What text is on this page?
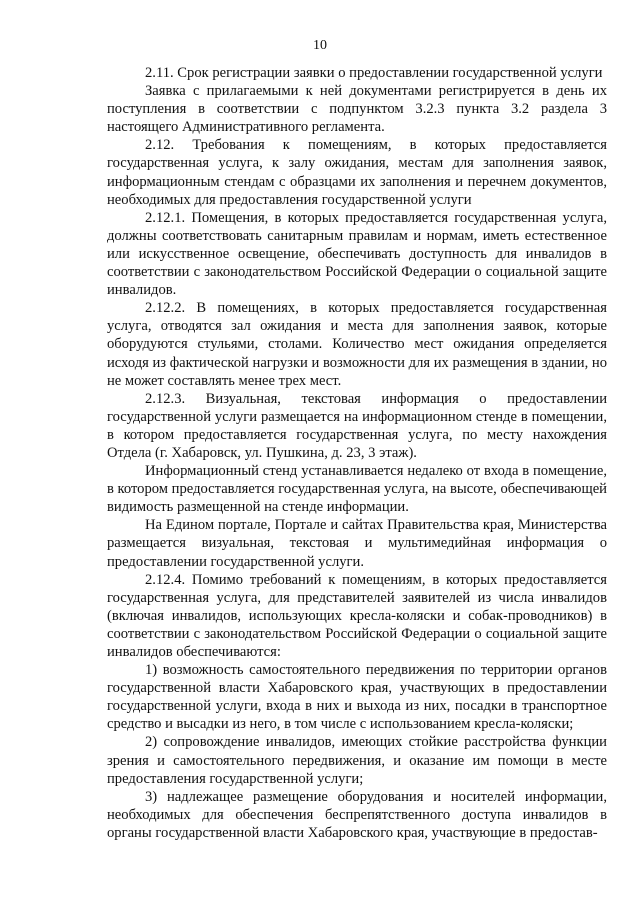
10

2.11. Срок регистрации заявки о предоставлении государственной услуги

Заявка с прилагаемыми к ней документами регистрируется в день их поступления в соответствии с подпунктом 3.2.3 пункта 3.2 раздела 3 настоящего Административного регламента.

2.12. Требования к помещениям, в которых предоставляется государственная услуга, к залу ожидания, местам для заполнения заявок, информационным стендам с образцами их заполнения и перечнем документов, необходимых для предоставления государственной услуги

2.12.1. Помещения, в которых предоставляется государственная услуга, должны соответствовать санитарным правилам и нормам, иметь естественное или искусственное освещение, обеспечивать доступность для инвалидов в соответствии с законодательством Российской Федерации о социальной защите инвалидов.

2.12.2. В помещениях, в которых предоставляется государственная услуга, отводятся зал ожидания и места для заполнения заявок, которые оборудуются стульями, столами. Количество мест ожидания определяется исходя из фактической нагрузки и возможности для их размещения в здании, но не может составлять менее трех мест.

2.12.3. Визуальная, текстовая информация о предоставлении государственной услуги размещается на информационном стенде в помещении, в котором предоставляется государственная услуга, по месту нахождения Отдела (г. Хабаровск, ул. Пушкина, д. 23, 3 этаж).

Информационный стенд устанавливается недалеко от входа в помещение, в котором предоставляется государственная услуга, на высоте, обеспечивающей видимость размещенной на стенде информации.

На Едином портале, Портале и сайтах Правительства края, Министерства размещается визуальная, текстовая и мультимедийная информация о предоставлении государственной услуги.

2.12.4. Помимо требований к помещениям, в которых предоставляется государственная услуга, для представителей заявителей из числа инвалидов (включая инвалидов, использующих кресла-коляски и собак-проводников) в соответствии с законодательством Российской Федерации о социальной защите инвалидов обеспечиваются:

1) возможность самостоятельного передвижения по территории органов государственной власти Хабаровского края, участвующих в предоставлении государственной услуги, входа в них и выхода из них, посадки в транспортное средство и высадки из него, в том числе с использованием кресла-коляски;

2) сопровождение инвалидов, имеющих стойкие расстройства функции зрения и самостоятельного передвижения, и оказание им помощи в месте предоставления государственной услуги;

3) надлежащее размещение оборудования и носителей информации, необходимых для обеспечения беспрепятственного доступа инвалидов в органы государственной власти Хабаровского края, участвующие в предостав-
